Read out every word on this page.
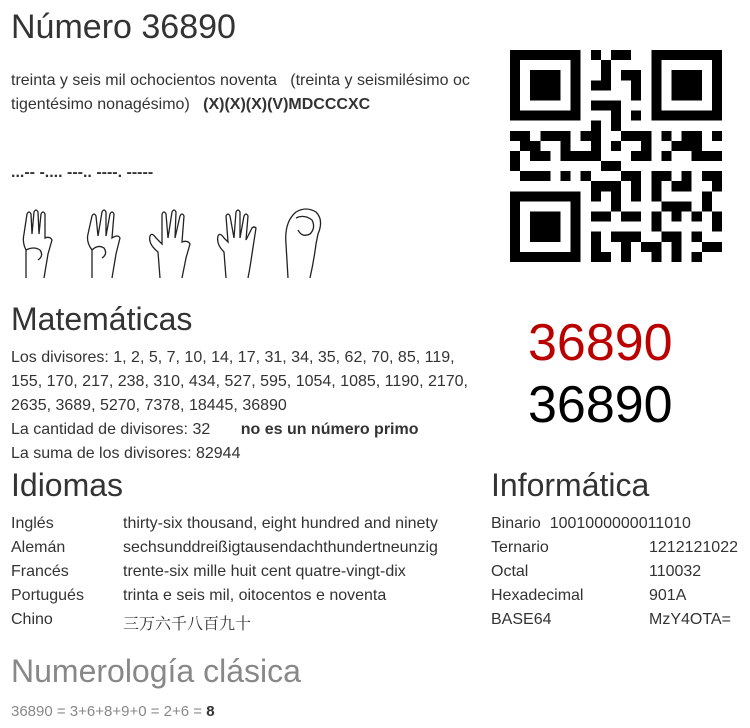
Número 36890
treinta y seis mil ochocientos noventa (treinta y seismilésimo oc
tigentésimo nonagésimo) (X)(X)(X)(V)MDCCCXC
...-- -.... ---.. ----. -----
Matemáticas
Los divisores: 1, 2, 5, 7, 10, 14, 17, 31, 34, 35, 62, 70, 85, 119,
155, 170, 217, 238, 310, 434, 527, 595, 1054, 1085, 1190, 2170,
2635, 3689, 5270, 7378, 18445, 36890
La cantidad de divisores: 32 no es un número primo
La suma de los divisores: 82944
36890
36890
Idiomas
Inglés	thirty-six thousand, eight hundred and ninety
Alemán	sechsunddreißigtausendachthundertneunzig
Francés	trente-six mille huit cent quatre-vingt-dix
Portugués trinta e seis mil, oitocentos e noventa
Chino	三万六千八百九十
Informática
Binario 1001000000011010
Ternario	1212121022
Octal	110032
Hexadecimal	901A
BASE64	MzY4OTA=
Numerología clásica
36890 = 3+6+8+9+0 = 2+6 = 8
